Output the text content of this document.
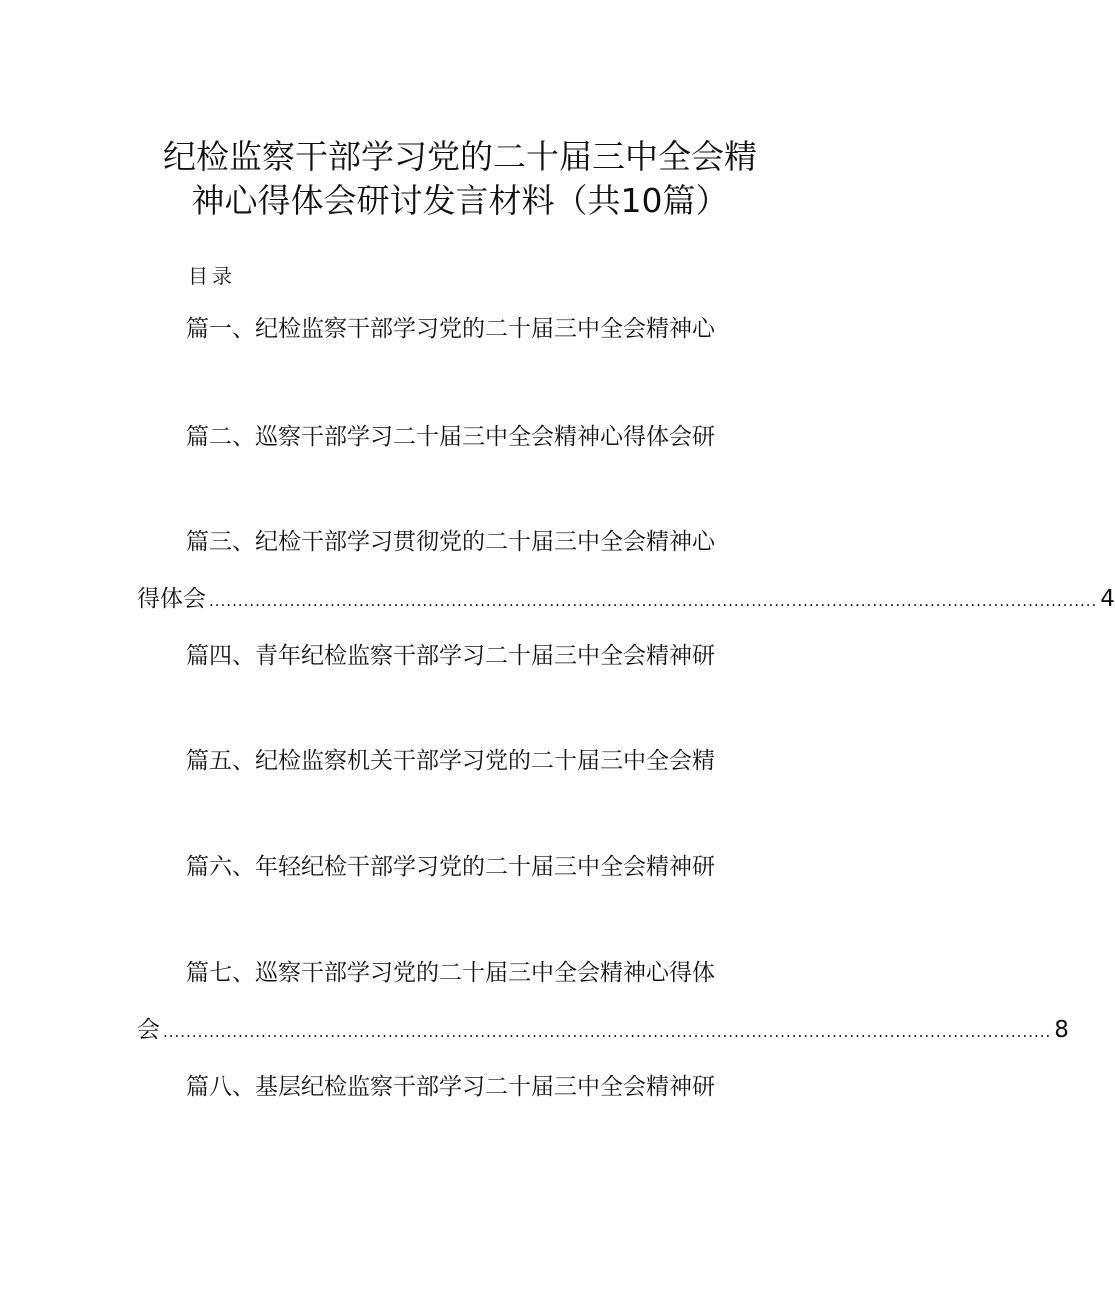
纪检监察干部学习党的二十届三中全会精
神心得体会研讨发言材料（共10篇）
目录
篇一、纪检监察干部学习党的二十届三中全会精神心
篇二、巡察干部学习二十届三中全会精神心得体会研
篇三、纪检干部学习贯彻党的二十届三中全会精神心
得体会 .......................................................................................................................................................... 4
篇四、青年纪检监察干部学习二十届三中全会精神研
篇五、纪检监察机关干部学习党的二十届三中全会精
篇六、年轻纪检干部学习党的二十届三中全会精神研
篇七、巡察干部学习党的二十届三中全会精神心得体
会 .......................................................................................................................................................... 8
篇八、基层纪检监察干部学习二十届三中全会精神研
